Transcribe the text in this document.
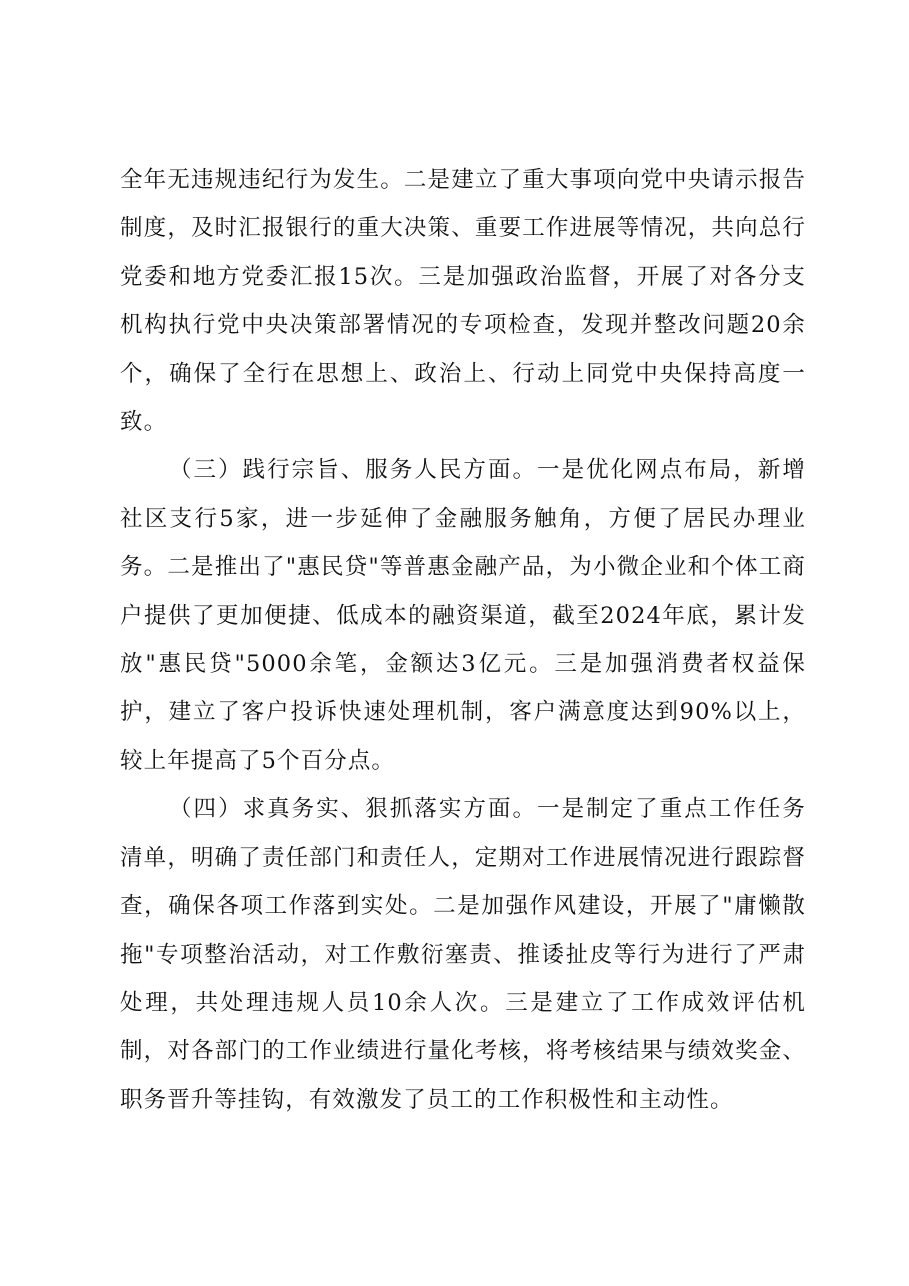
全年无违规违纪行为发生。二是建立了重大事项向党中央请示报告制度，及时汇报银行的重大决策、重要工作进展等情况，共向总行党委和地方党委汇报15次。三是加强政治监督，开展了对各分支机构执行党中央决策部署情况的专项检查，发现并整改问题20余个，确保了全行在思想上、政治上、行动上同党中央保持高度一致。

（三）践行宗旨、服务人民方面。一是优化网点布局，新增社区支行5家，进一步延伸了金融服务触角，方便了居民办理业务。二是推出了"惠民贷"等普惠金融产品，为小微企业和个体工商户提供了更加便捷、低成本的融资渠道，截至2024年底，累计发放"惠民贷"5000余笔，金额达3亿元。三是加强消费者权益保护，建立了客户投诉快速处理机制，客户满意度达到90%以上，较上年提高了5个百分点。

（四）求真务实、狠抓落实方面。一是制定了重点工作任务清单，明确了责任部门和责任人，定期对工作进展情况进行跟踪督查，确保各项工作落到实处。二是加强作风建设，开展了"庸懒散拖"专项整治活动，对工作敷衍塞责、推诿扯皮等行为进行了严肃处理，共处理违规人员10余人次。三是建立了工作成效评估机制，对各部门的工作业绩进行量化考核，将考核结果与绩效奖金、职务晋升等挂钩，有效激发了员工的工作积极性和主动性。
